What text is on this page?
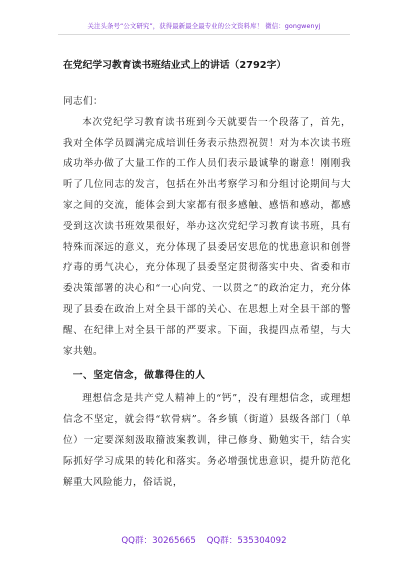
关注头条号“公文研究”，获得最新最全最专业的公文资料库！ 微信：gongwenyj
在党纪学习教育读书班结业式上的讲话（2792字）

同志们：

本次党纪学习教育读书班到今天就要告一个段落了，首先，我对全体学员圆满完成培训任务表示热烈祝贺！对为本次读书班成功举办做了大量工作的工作人员们表示最诚挚的谢意！刚刚我听了几位同志的发言，包括在外出考察学习和分组讨论期间与大家之间的交流，能体会到大家都有很多感触、感悟和感动，都感受到这次读书班效果很好，举办这次党纪学习教育读书班，具有特殊而深远的意义，充分体现了县委居安思危的忧患意识和创誉疗毒的勇气决心，充分体现了县委坚定贯彻落实中央、省委和市委决策部署的决心和“一心向党、一以贯之”的政治定力，充分体现了县委在政治上对全县干部的关心、在思想上对全县干部的警醒、在纪律上对全县干部的严要求。下面，我提四点希望，与大家共勉。

一、坚定信念，做靠得住的人

理想信念是共产党人精神上的“钙”，没有理想信念，或理想信念不坚定，就会得“软骨病”。各乡镇（街道）县级各部门（单位）一定要深刻汲取籀波案教训，律己修身、勤勉实干，结合实际抓好学习成果的转化和落实。务必增强忧患意识，提升防范化解重大风险能力，俗话说，

QQ群：30265665 QQ群：535304092
